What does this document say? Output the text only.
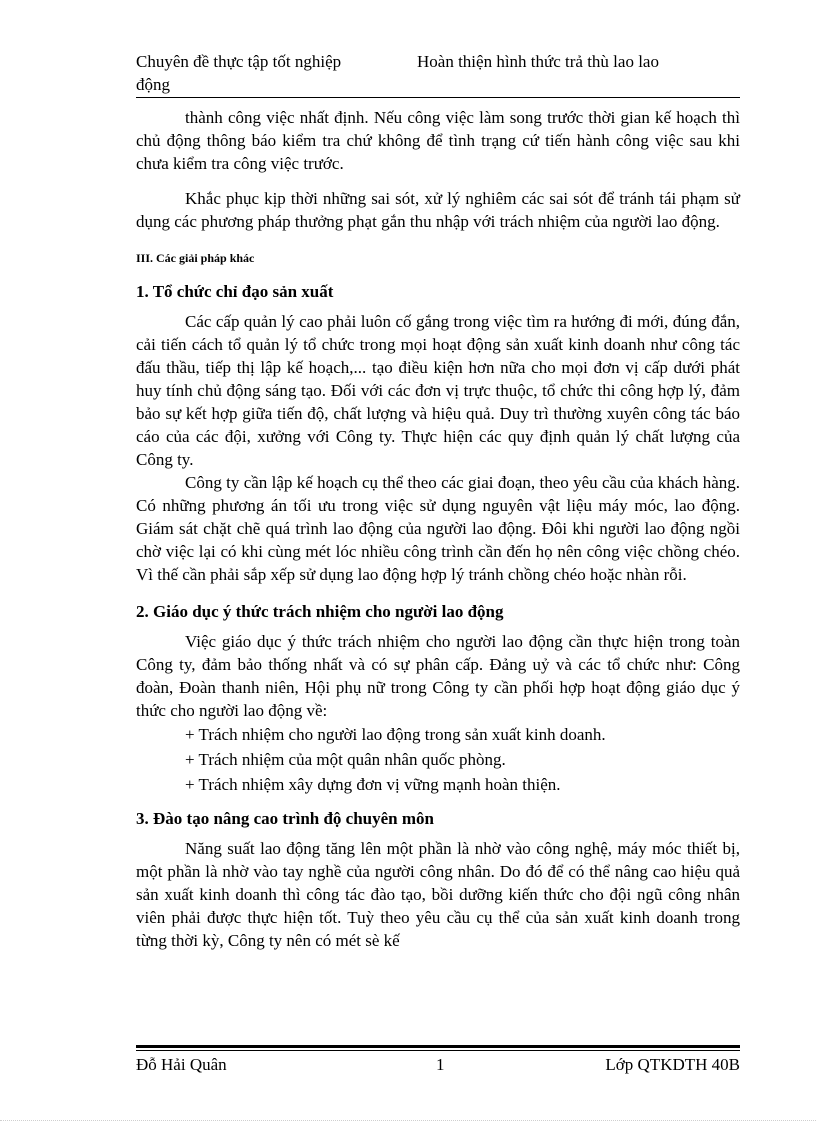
Chuyên đề thực tập tốt nghiệp	Hoàn thiện hình thức trả thù lao lao
động

thành công việc nhất định. Nếu công việc làm song trước thời gian kế hoạch thì chủ động thông báo kiểm tra chứ không để tình trạng cứ tiến hành công việc sau khi chưa kiểm tra công việc trước.

Khắc phục kịp thời những sai sót, xử lý nghiêm các sai sót để tránh tái phạm sử dụng các phương pháp thưởng phạt gắn thu nhập với trách nhiệm của người lao động.

III. Các giải pháp khác
1. Tổ chức chỉ đạo sản xuất

Các cấp quản lý cao phải luôn cố gắng trong việc tìm ra hướng đi mới, đúng đắn, cải tiến cách tổ quản lý tổ chức trong mọi hoạt động sản xuất kinh doanh như công tác đấu thầu, tiếp thị lập kế hoạch,... tạo điều kiện hơn nữa cho mọi đơn vị cấp dưới phát huy tính chủ động sáng tạo. Đối với các đơn vị trực thuộc, tổ chức thi công hợp lý, đảm bảo sự kết hợp giữa tiến độ, chất lượng và hiệu quả. Duy trì thường xuyên công tác báo cáo của các đội, xưởng với Công ty. Thực hiện các quy định quản lý chất lượng của Công ty.

Công ty cần lập kế hoạch cụ thể theo các giai đoạn, theo yêu cầu của khách hàng. Có những phương án tối ưu trong việc sử dụng nguyên vật liệu máy móc, lao động. Giám sát chặt chẽ quá trình lao động của người lao động. Đôi khi người lao động ngồi chờ việc lại có khi cùng mét lóc nhiều công trình cần đến họ nên công việc chồng chéo. Vì thế cần phải sắp xếp sử dụng lao động hợp lý tránh chồng chéo hoặc nhàn rỗi.

2. Giáo dục ý thức trách nhiệm cho người lao động

Việc giáo dục ý thức trách nhiệm cho người lao động cần thực hiện trong toàn Công ty, đảm bảo thống nhất và có sự phân cấp. Đảng uỷ và các tổ chức như: Công đoàn, Đoàn thanh niên, Hội phụ nữ trong Công ty cần phối hợp hoạt động giáo dục ý thức cho người lao động về:

+ Trách nhiệm cho người lao động trong sản xuất kinh doanh.
+ Trách nhiệm của một quân nhân quốc phòng.
+ Trách nhiệm xây dựng đơn vị vững mạnh hoàn thiện.
3. Đào tạo nâng cao trình độ chuyên môn

Năng suất lao động tăng lên một phần là nhờ vào công nghệ, máy móc thiết bị, một phần là nhờ vào tay nghề của người công nhân. Do đó để có thể nâng cao hiệu quả sản xuất kinh doanh thì công tác đào tạo, bồi dưỡng kiến thức cho đội ngũ công nhân viên phải được thực hiện tốt. Tuỳ theo yêu cầu cụ thể của sản xuất kinh doanh trong từng thời kỳ, Công ty nên có mét sè kế

Đỗ Hải Quân	1	Lớp QTKDTH 40B
